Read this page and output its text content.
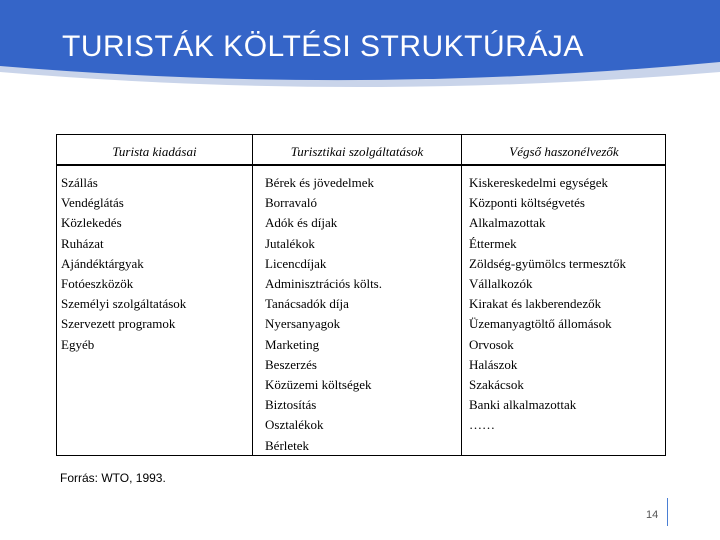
TURISTÁK KÖLTÉSI STRUKTÚRÁJA
Turista kiadásai	Turisztikai szolgáltatások	Végső haszonélvezők
Szállás
Vendéglátás
Közlekedés
Ruházat
Ajándéktárgyak
Fotóeszközök
Személyi szolgáltatások
Szervezett programok
Egyéb
Bérek és jövedelmek
Borravaló
Adók és díjak
Jutalékok
Licencdíjak
Adminisztrációs költs.
Tanácsadók díja
Nyersanyagok
Marketing
Beszerzés
Közüzemi költségek
Biztosítás
Osztalékok
Bérletek
Kiskereskedelmi egységek
Központi költségvetés
Alkalmazottak
Éttermek
Zöldség-gyümölcs termesztők
Vállalkozók
Kirakat és lakberendezők
Üzemanyagtöltő állomások
Orvosok
Halászok
Szakácsok
Banki alkalmazottak
……
Forrás: WTO, 1993.
14
